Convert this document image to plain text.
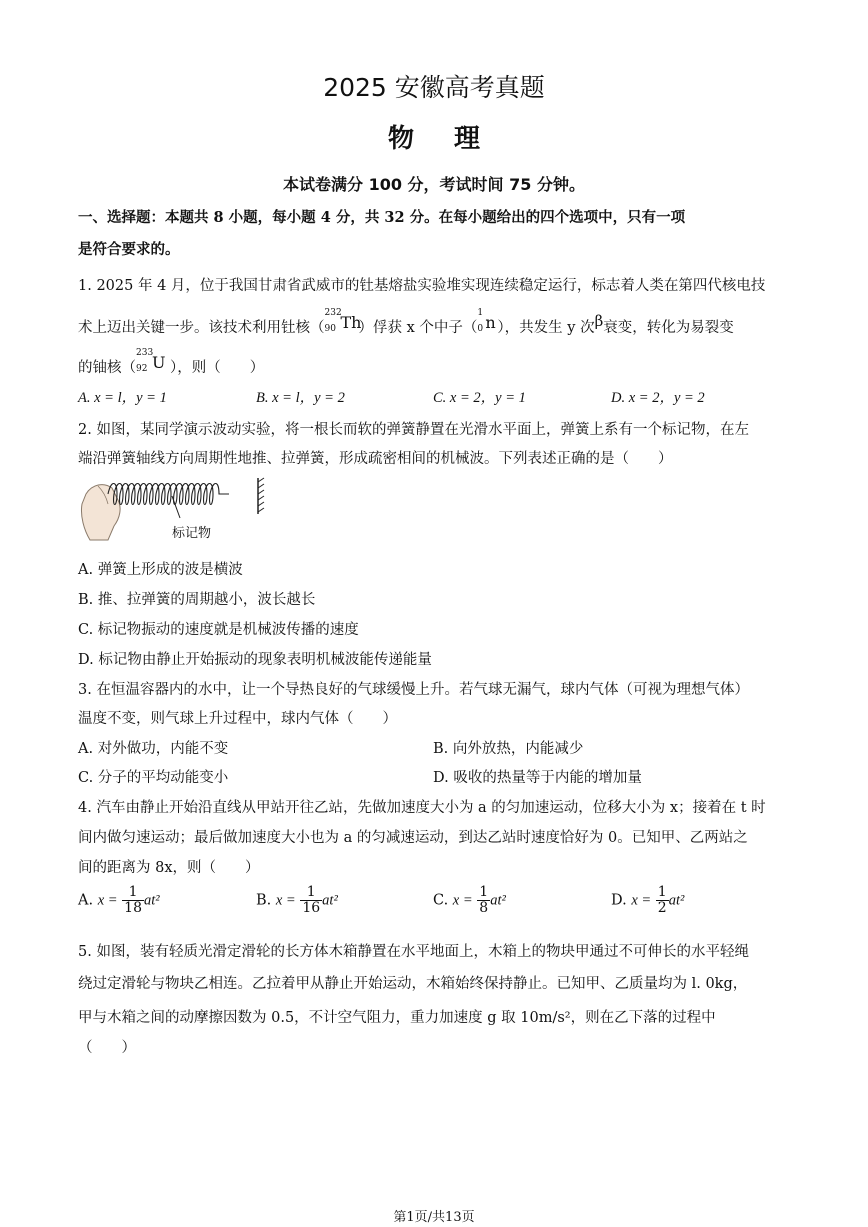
2025 安徽高考真题
物理
本试卷满分 100 分，考试时间 75 分钟。
一、选择题：本题共 8 小题，每小题 4 分，共 32 分。在每小题给出的四个选项中，只有一项
是符合要求的。
1. 2025 年 4 月，位于我国甘肃省武威市的钍基熔盐实验堆实现连续稳定运行，标志着人类在第四代核电技
术上迈出关键一步。该技术利用钍核（
232
90 Th
）俘获 x 个中子（
1
0 n ），共发生 y 次β衰变，转化为易裂变
的铀核（
233
92 U ），则（　　）
A. x = l，y = 1	B. x = l，y = 2	C. x = 2，y = 1	D. x = 2，y = 2
2. 如图，某同学演示波动实验，将一根长而软的弹簧静置在光滑水平面上，弹簧上系有一个标记物，在左
端沿弹簧轴线方向周期性地推、拉弹簧，形成疏密相间的机械波。下列表述正确的是（　　）
标记物
A. 弹簧上形成的波是横波
B. 推、拉弹簧的周期越小，波长越长
C. 标记物振动的速度就是机械波传播的速度
D. 标记物由静止开始振动的现象表明机械波能传递能量
3. 在恒温容器内的水中，让一个导热良好的气球缓慢上升。若气球无漏气，球内气体（可视为理想气体）
温度不变，则气球上升过程中，球内气体（　　）
A. 对外做功，内能不变	B. 向外放热，内能减少
C. 分子的平均动能变小	D. 吸收的热量等于内能的增加量
4. 汽车由静止开始沿直线从甲站开往乙站，先做加速度大小为 a 的匀加速运动，位移大小为 x；接着在 t 时
间内做匀速运动；最后做加速度大小也为 a 的匀减速运动，到达乙站时速度恰好为 0。已知甲、乙两站之
间的距离为 8x，则（　　）
A. $x = \frac{1}{18} at^2$	B. $x = \frac{1}{16} at^2$	C. $x = \frac{1}{8} at^2$	D. $x = \frac{1}{2} at^2$
5. 如图，装有轻质光滑定滑轮的长方体木箱静置在水平地面上，木箱上的物块甲通过不可伸长的水平轻绳
绕过定滑轮与物块乙相连。乙拉着甲从静止开始运动，木箱始终保持静止。已知甲、乙质量均为 l. 0kg，
甲与木箱之间的动摩擦因数为 0.5，不计空气阻力，重力加速度 g 取 10m/s²，则在乙下落的过程中
（　　）
第1页/共13页
